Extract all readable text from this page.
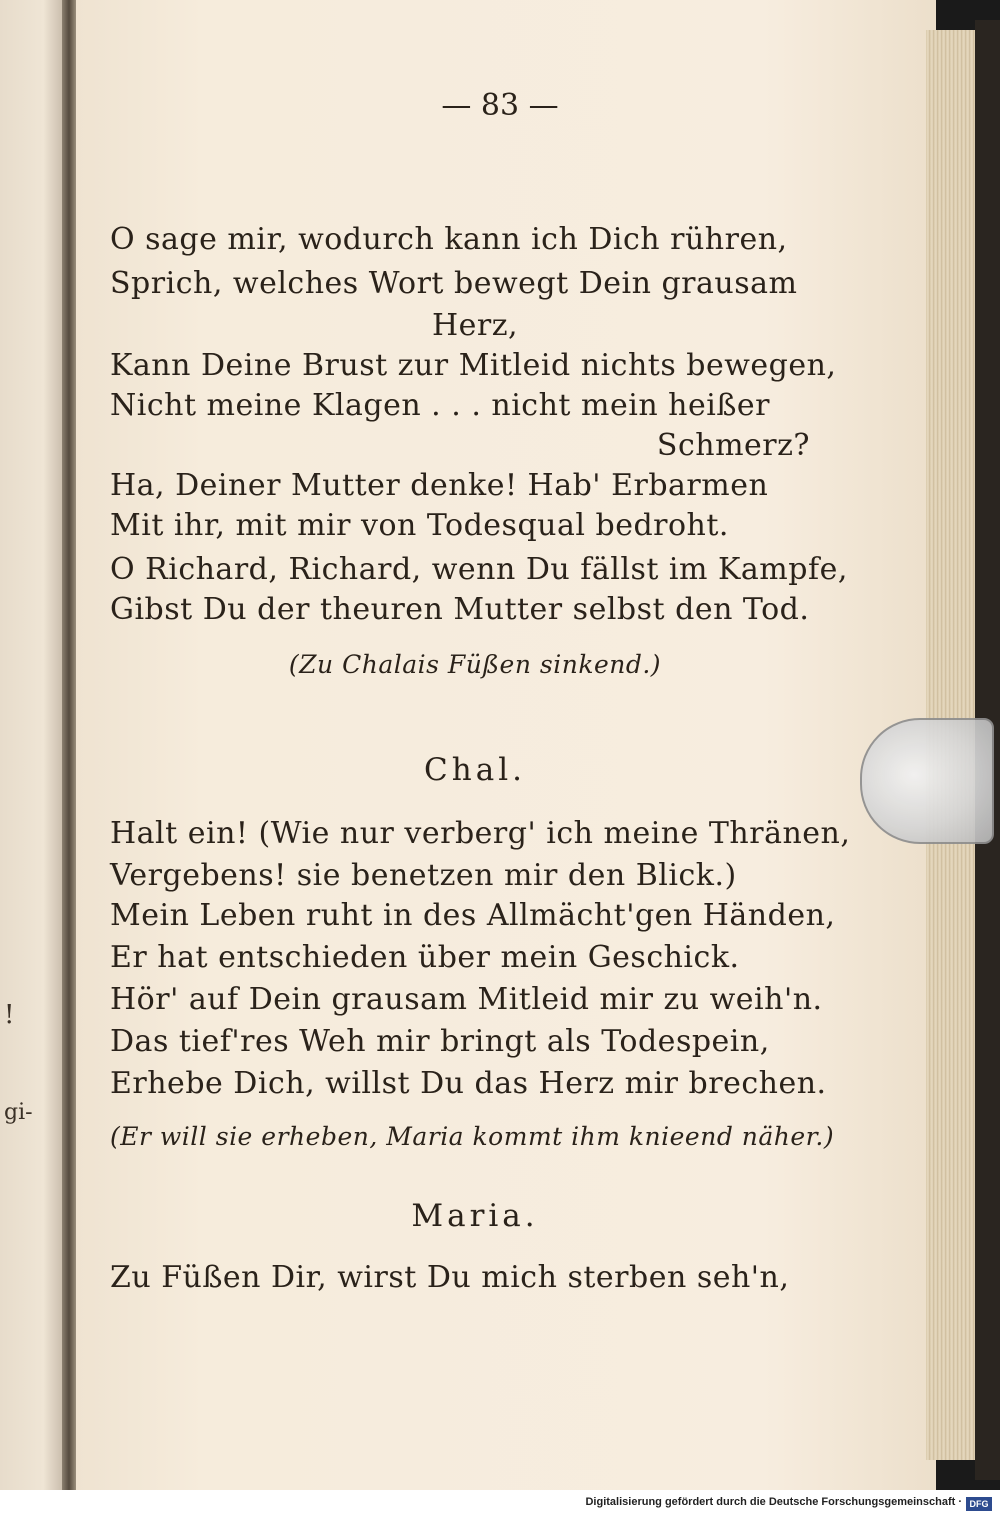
!
gi-
— 83 —
O sage mir, wodurch kann ich Dich rühren,
Sprich, welches Wort bewegt Dein grausam
Herz,
Kann Deine Brust zur Mitleid nichts bewegen,
Nicht meine Klagen . . . nicht mein heißer
Schmerz?
Ha, Deiner Mutter denke! Hab' Erbarmen
Mit ihr, mit mir von Todesqual bedroht.
O Richard, Richard, wenn Du fällst im Kampfe,
Gibst Du der theuren Mutter selbst den Tod.
(Zu Chalais Füßen sinkend.)
Chal.
Halt ein! (Wie nur verberg' ich meine Thränen,
Vergebens! sie benetzen mir den Blick.)
Mein Leben ruht in des Allmächt'gen Händen,
Er hat entschieden über mein Geschick.
Hör' auf Dein grausam Mitleid mir zu weih'n.
Das tief'res Weh mir bringt als Todespein,
Erhebe Dich, willst Du das Herz mir brechen.
(Er will sie erheben, Maria kommt ihm knieend näher.)
Maria.
Zu Füßen Dir, wirst Du mich sterben seh'n,
Digitalisierung gefördert durch die Deutsche Forschungsgemeinschaft · DFG
